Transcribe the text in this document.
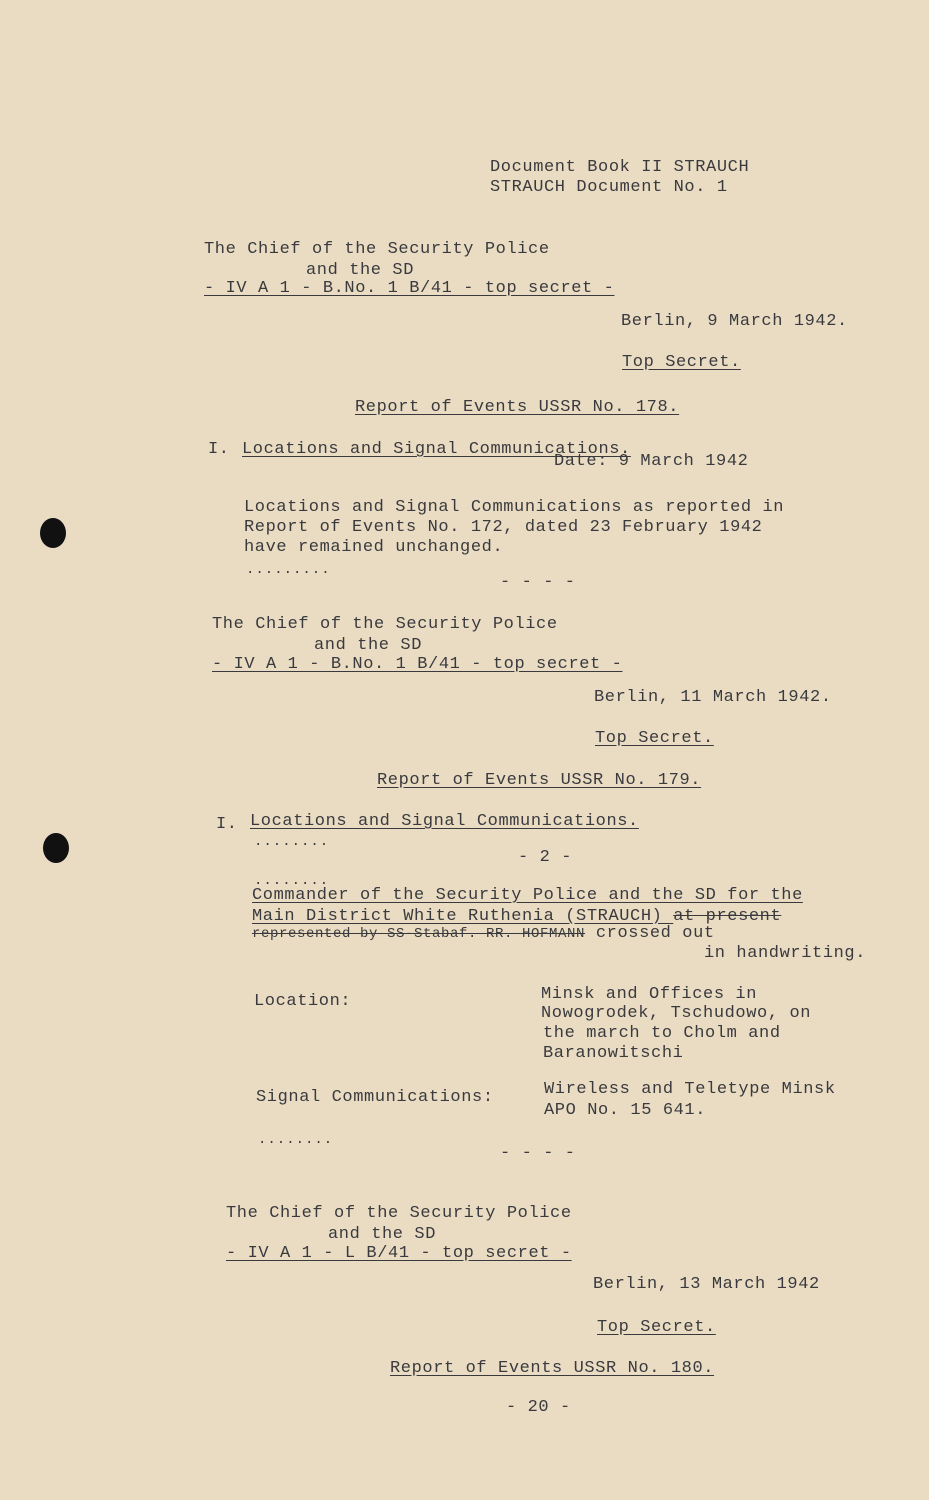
Document Book II STRAUCH
STRAUCH Document No. 1
The Chief of the Security Police
and the SD
- IV A 1 - B.No. 1 B/41 - top secret -
Berlin, 9 March 1942.
Top Secret.
Report of Events USSR No. 178.
I. Locations and Signal Communications.
Date: 9 March 1942
Locations and Signal Communications as reported in
Report of Events No. 172, dated 23 February 1942
have remained unchanged.
.........
- - - -
The Chief of the Security Police
and the SD
- IV A 1 - B.No. 1 B/41 - top secret -
Berlin, 11 March 1942.
Top Secret.
Report of Events USSR No. 179.
I. Locations and Signal Communications.
........
- 2 -
........
Commander of the Security Police and the SD for the
Main District White Ruthenia (STRAUCH) at present
represented by SS-Stabaf. RR. HOFMANN crossed out
in handwriting.
Location:	Minsk and Offices in
Nowogrodek, Tschudowo, on
the march to Cholm and
Baranowitschi
Signal Communications:	Wireless and Teletype Minsk
APO No. 15 641.
........
- - - -
The Chief of the Security Police
and the SD
- IV A 1 - L B/41 - top secret -
Berlin, 13 March 1942
Top Secret.
Report of Events USSR No. 180.
- 20 -
